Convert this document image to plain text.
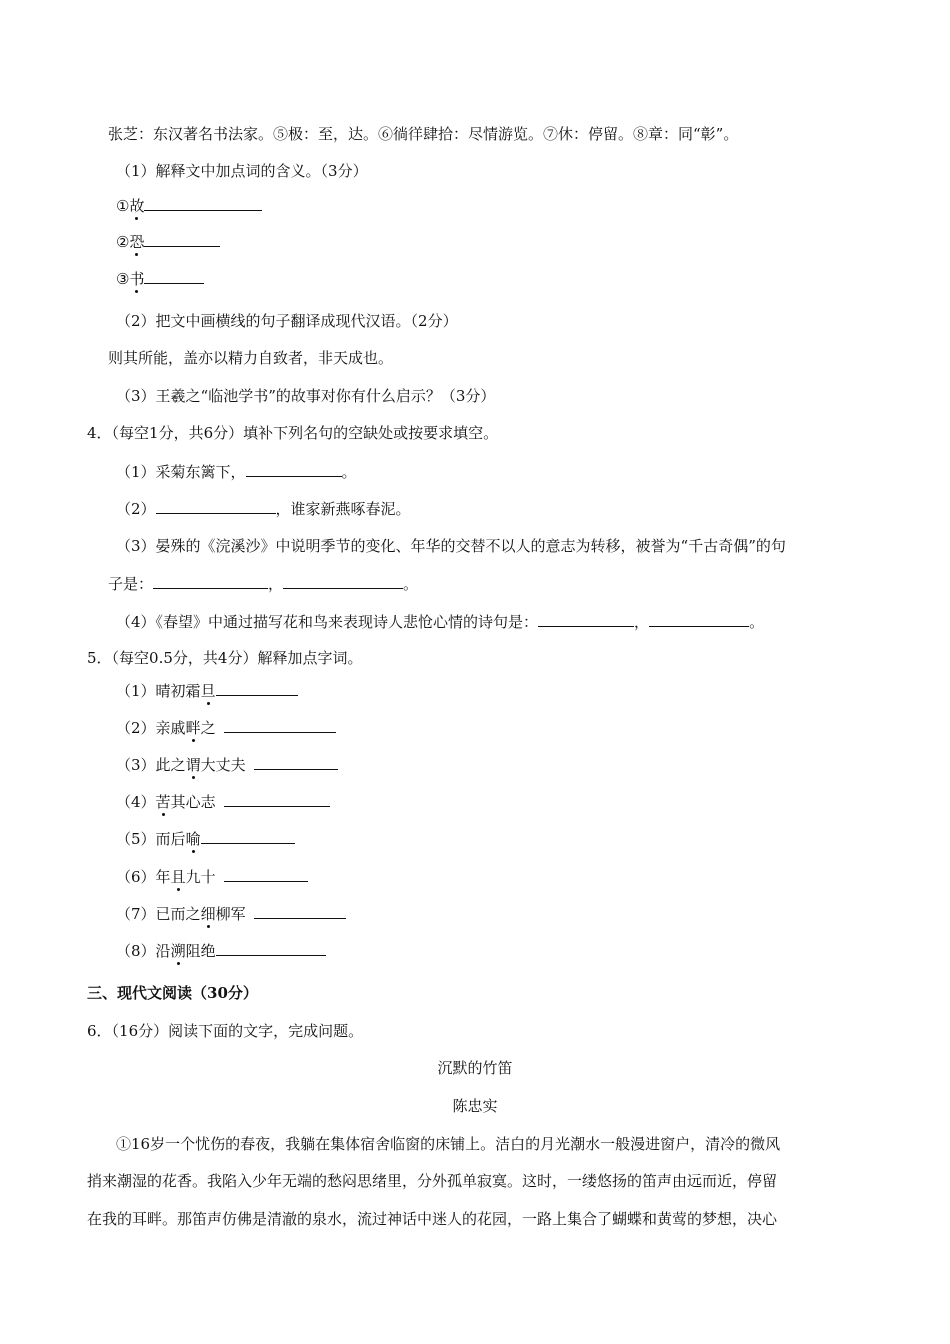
张芝：东汉著名书法家。⑤极：至，达。⑥徜徉肆拾：尽情游览。⑦休：停留。⑧章：同“彰”。
（1）解释文中加点词的含义。（3分）
①故
②恐
③书
（2）把文中画横线的句子翻译成现代汉语。（2分）
则其所能，盖亦以精力自致者，非天成也。
（3）王羲之“临池学书”的故事对你有什么启示？（3分）
4．（每空1分，共6分）填补下列名句的空缺处或按要求填空。
（1）采菊东篱下，	。
（2）	，谁家新燕啄春泥。
（3）晏殊的《浣溪沙》中说明季节的变化、年华的交替不以人的意志为转移，被誉为“千古奇偶”的句
子是：	，	。
（4）《春望》中通过描写花和鸟来表现诗人悲怆心情的诗句是：	，	。
5．（每空0.5分，共4分）解释加点字词。
（1）晴初霜旦
（2）亲戚畔之
（3）此之谓大丈夫
（4）苦其心志
（5）而后喻
（6）年且九十
（7）已而之细柳军
（8）沿溯阻绝
三、现代文阅读（30分）
6．（16分）阅读下面的文字，完成问题。
沉默的竹笛
陈忠实
①16岁一个忧伤的春夜，我躺在集体宿舍临窗的床铺上。洁白的月光潮水一般漫进窗户，清冷的微风
捎来潮湿的花香。我陷入少年无端的愁闷思绪里，分外孤单寂寞。这时，一缕悠扬的笛声由远而近，停留
在我的耳畔。那笛声仿佛是清澈的泉水，流过神话中迷人的花园，一路上集合了蝴蝶和黄莺的梦想，决心
